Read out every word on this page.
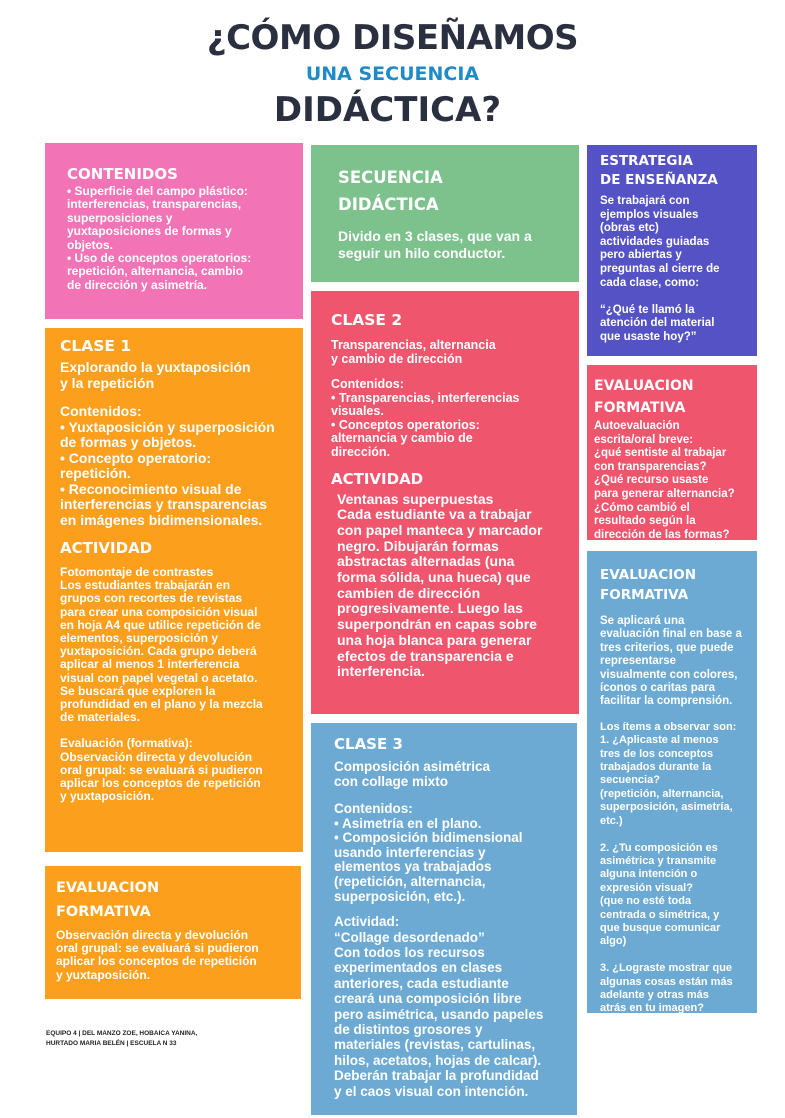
¿CÓMO DISEÑAMOS
UNA SECUENCIA
DIDÁCTICA?

CONTENIDOS

• Superficie del campo plástico:
interferencias, transparencias,
superposiciones y
yuxtaposiciones de formas y
objetos.
• Uso de conceptos operatorios:
repetición, alternancia, cambio
de dirección y asimetría.

SECUENCIA
DIDÁCTICA

Divido en 3 clases, que van a
seguir un hilo conductor.

ESTRATEGIA
DE ENSEÑANZA

Se trabajará con
ejemplos visuales
(obras etc)
actividades guiadas
pero abiertas y
preguntas al cierre de
cada clase, como:

“¿Qué te llamó la
atención del material
que usaste hoy?”

CLASE 1

Explorando la yuxtaposición
y la repetición

Contenidos:
• Yuxtaposición y superposición
de formas y objetos.
• Concepto operatorio:
repetición.
• Reconocimiento visual de
interferencias y transparencias
en imágenes bidimensionales.

ACTIVIDAD

Fotomontaje de contrastes
Los estudiantes trabajarán en
grupos con recortes de revistas
para crear una composición visual
en hoja A4 que utilice repetición de
elementos, superposición y
yuxtaposición. Cada grupo deberá
aplicar al menos 1 interferencia
visual con papel vegetal o acetato.
Se buscará que exploren la
profundidad en el plano y la mezcla
de materiales.

Evaluación (formativa):
Observación directa y devolución
oral grupal: se evaluará si pudieron
aplicar los conceptos de repetición
y yuxtaposición.

EVALUACION
FORMATIVA

Observación directa y devolución
oral grupal: se evaluará si pudieron
aplicar los conceptos de repetición
y yuxtaposición.

CLASE 2

Transparencias, alternancia
y cambio de dirección

Contenidos:
• Transparencias, interferencias
visuales.
• Conceptos operatorios:
alternancia y cambio de
dirección.

ACTIVIDAD

Ventanas superpuestas
Cada estudiante va a trabajar
con papel manteca y marcador
negro. Dibujarán formas
abstractas alternadas (una
forma sólida, una hueca) que
cambien de dirección
progresivamente. Luego las
superpondrán en capas sobre
una hoja blanca para generar
efectos de transparencia e
interferencia.

EVALUACION
FORMATIVA

Autoevaluación
escrita/oral breve:
¿qué sentiste al trabajar
con transparencias?
¿Qué recurso usaste
para generar alternancia?
¿Cómo cambió el
resultado según la
dirección de las formas?

CLASE 3

Composición asimétrica
con collage mixto

Contenidos:
• Asimetría en el plano.
• Composición bidimensional
usando interferencias y
elementos ya trabajados
(repetición, alternancia,
superposición, etc.).

Actividad:
“Collage desordenado”
Con todos los recursos
experimentados en clases
anteriores, cada estudiante
creará una composición libre
pero asimétrica, usando papeles
de distintos grosores y
materiales (revistas, cartulinas,
hilos, acetatos, hojas de calcar).
Deberán trabajar la profundidad
y el caos visual con intención.

EVALUACION
FORMATIVA

Se aplicará una
evaluación final en base a
tres criterios, que puede
representarse
visualmente con colores,
íconos o caritas para
facilitar la comprensión.

Los ítems a observar son:
1. ¿Aplicaste al menos
tres de los conceptos
trabajados durante la
secuencia?
(repetición, alternancia,
superposición, asimetría,
etc.)

2. ¿Tu composición es
asimétrica y transmite
alguna intención o
expresión visual?
(que no esté toda
centrada o simétrica, y
que busque comunicar
algo)

3. ¿Lograste mostrar que
algunas cosas están más
adelante y otras más
atrás en tu imagen?
(usando recursos como
superposición, tamaño,
transparencias, sombras,
etc.)

EQUIPO 4 | DEL MANZO ZOE, HOBAICA YANINA,
HURTADO MARIA BELÉN | ESCUELA N 33
